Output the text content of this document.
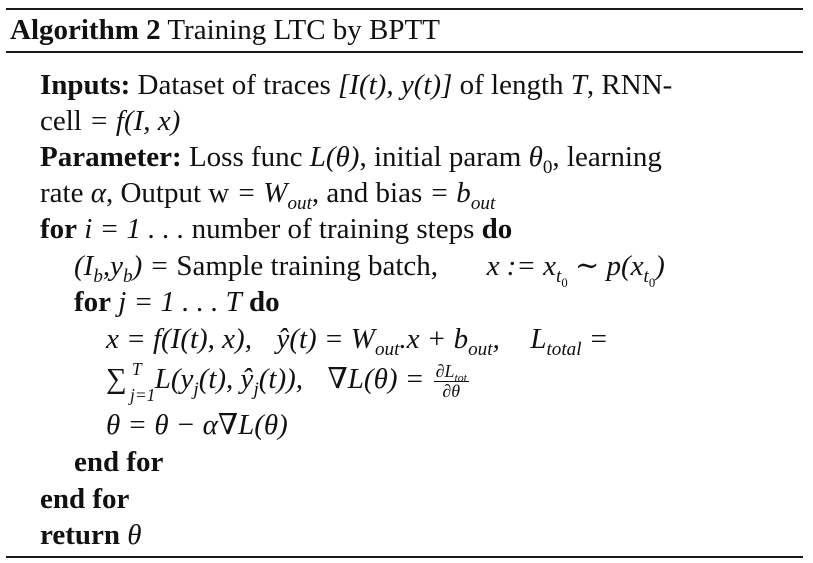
Algorithm 2 Training LTC by BPTT
Inputs: Dataset of traces [I(t), y(t)] of length T, RNN-
cell = f(I, x)
Parameter: Loss func L(θ), initial param $\theta_0$, learning
rate α, Output $w = W_{out}$, and bias = $b_{out}$
for i = 1 . . . number of training steps do
$(I_b,y_b)$ = Sample training batch, x := $x_{t_0}$ ∼ $p(x_{t_0})$
for j = 1 . . . T do
x = f(I(t), x), ŷ(t) = $W_{out}.x + b_{out}$, $L_{total}$ =
∑ T
j=1 $L(y_j(t)$, $ŷ_j(t)$), $\nabla L(\theta) = \frac{\partial L_{tot}}{\partial\theta}$
θ = θ − α∇L(θ)
end for
end for
return θ
